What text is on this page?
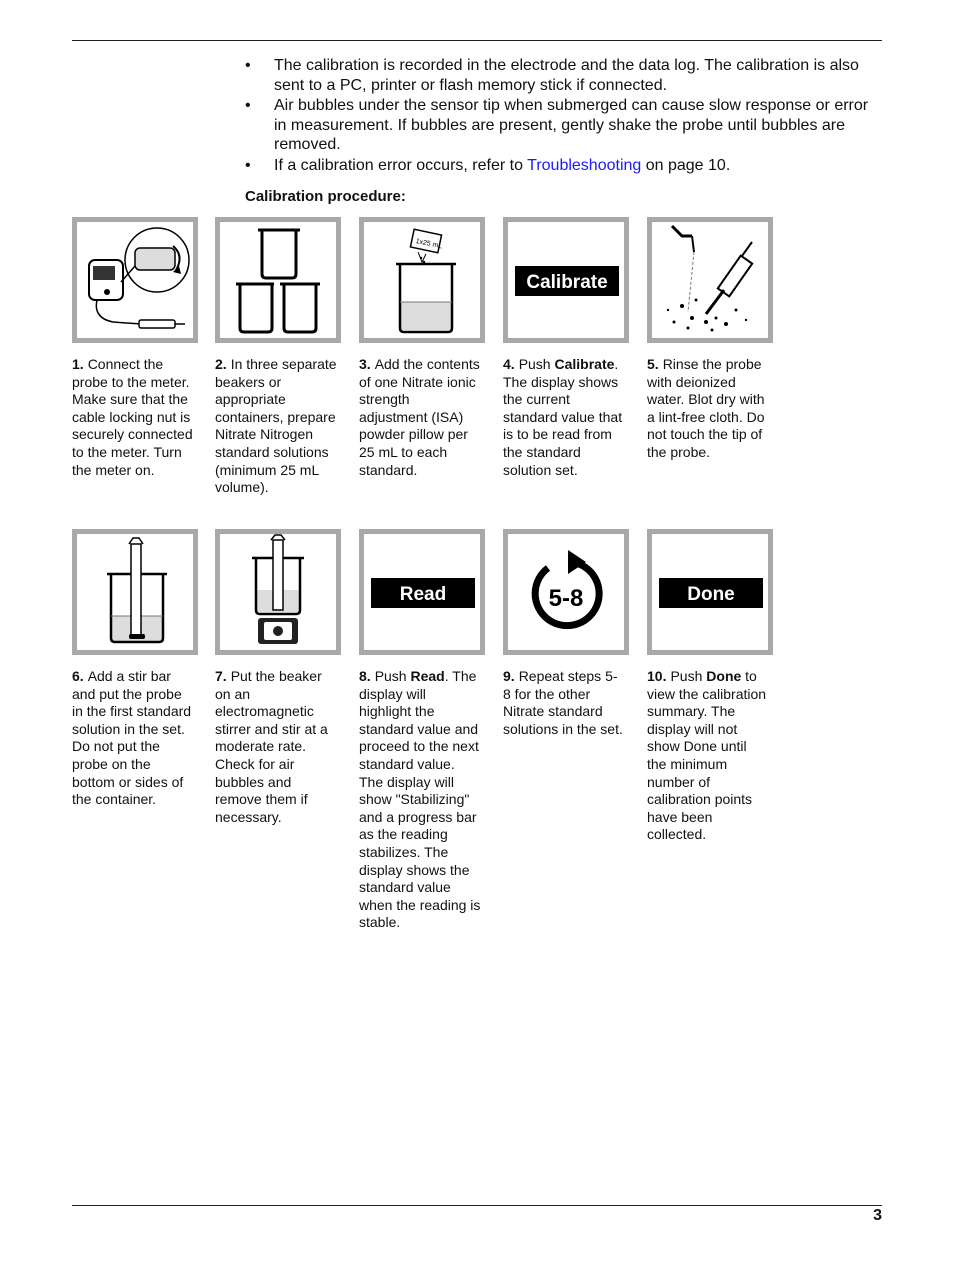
• The calibration is recorded in the electrode and the data log. The calibration is also sent to a PC, printer or flash memory stick if connected.
• Air bubbles under the sensor tip when submerged can cause slow response or error in measurement. If bubbles are present, gently shake the probe until bubbles are removed.
• If a calibration error occurs, refer to Troubleshooting on page 10.
Calibration procedure:
1x25 mL
Calibrate
1. Connect the probe to the meter. Make sure that the cable locking nut is securely connected to the meter. Turn the meter on.
2. In three separate beakers or appropriate containers, prepare Nitrate Nitrogen standard solutions (minimum 25 mL volume).
3. Add the contents of one Nitrate ionic strength adjustment (ISA) powder pillow per 25 mL to each standard.
4. Push Calibrate. The display shows the current standard value that is to be read from the standard solution set.
5. Rinse the probe with deionized water. Blot dry with a lint-free cloth. Do not touch the tip of the probe.
Read	5-8	Done
6. Add a stir bar and put the probe in the first standard solution in the set. Do not put the probe on the bottom or sides of the container.
7. Put the beaker on an electromagnetic stirrer and stir at a moderate rate. Check for air bubbles and remove them if necessary.
8. Push Read. The display will highlight the standard value and proceed to the next standard value. The display will show "Stabilizing" and a progress bar as the reading stabilizes. The display shows the standard value when the reading is stable.
9. Repeat steps 5-8 for the other Nitrate standard solutions in the set.
10. Push Done to view the calibration summary. The display will not show Done until the minimum number of calibration points have been collected.
3
